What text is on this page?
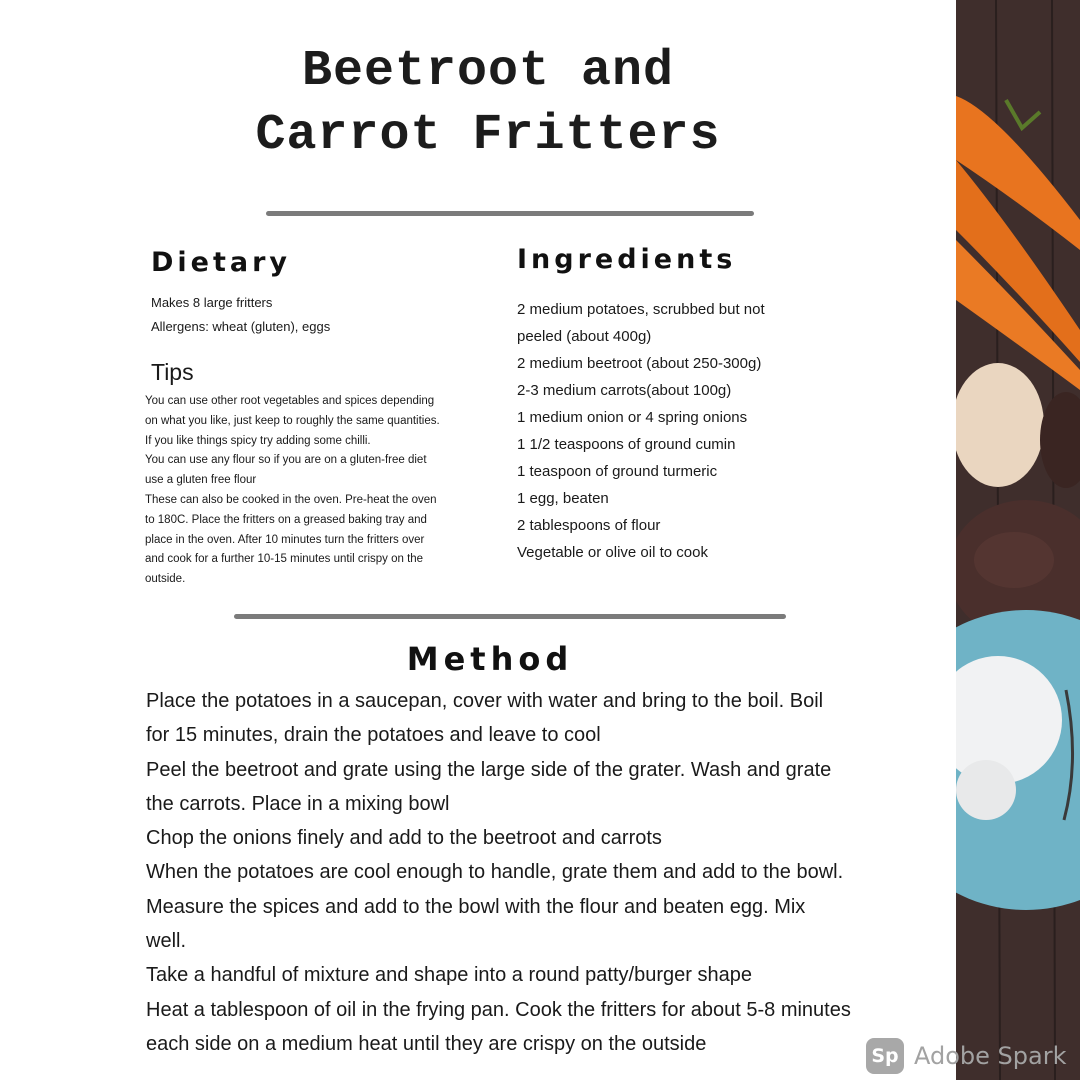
Beetroot and
Carrot Fritters
Dietary
Makes 8 large fritters
Allergens: wheat (gluten), eggs
Tips
You can use other root vegetables and spices depending
on what you like, just keep to roughly the same quantities.
If you like things spicy try adding some chilli.
You can use any flour so if you are on a gluten-free diet
use a gluten free flour
These can also be cooked in the oven. Pre-heat the oven
to 180C. Place the fritters on a greased baking tray and
place in the oven. After 10 minutes turn the fritters over
and cook for a further 10-15 minutes until crispy on the
outside.
Ingredients
2 medium potatoes, scrubbed but not
peeled (about 400g)
2 medium beetroot (about 250-300g)
2-3 medium carrots(about 100g)
1 medium onion or 4 spring onions
1 1/2 teaspoons of ground cumin
1 teaspoon of ground turmeric
1 egg, beaten
2 tablespoons of flour
Vegetable or olive oil to cook
Method
Place the potatoes in a saucepan, cover with water and bring to the boil. Boil
for 15 minutes, drain the potatoes and leave to cool
Peel the beetroot and grate using the large side of the grater. Wash and grate
the carrots. Place in a mixing bowl
Chop the onions finely and add to the beetroot and carrots
When the potatoes are cool enough to handle, grate them and add to the bowl.
Measure the spices and add to the bowl with the flour and beaten egg. Mix
well.
Take a handful of mixture and shape into a round patty/burger shape
Heat a tablespoon of oil in the frying pan. Cook the fritters for about 5-8 minutes
each side on a medium heat until they are crispy on the outside
Sp Adobe Spark
